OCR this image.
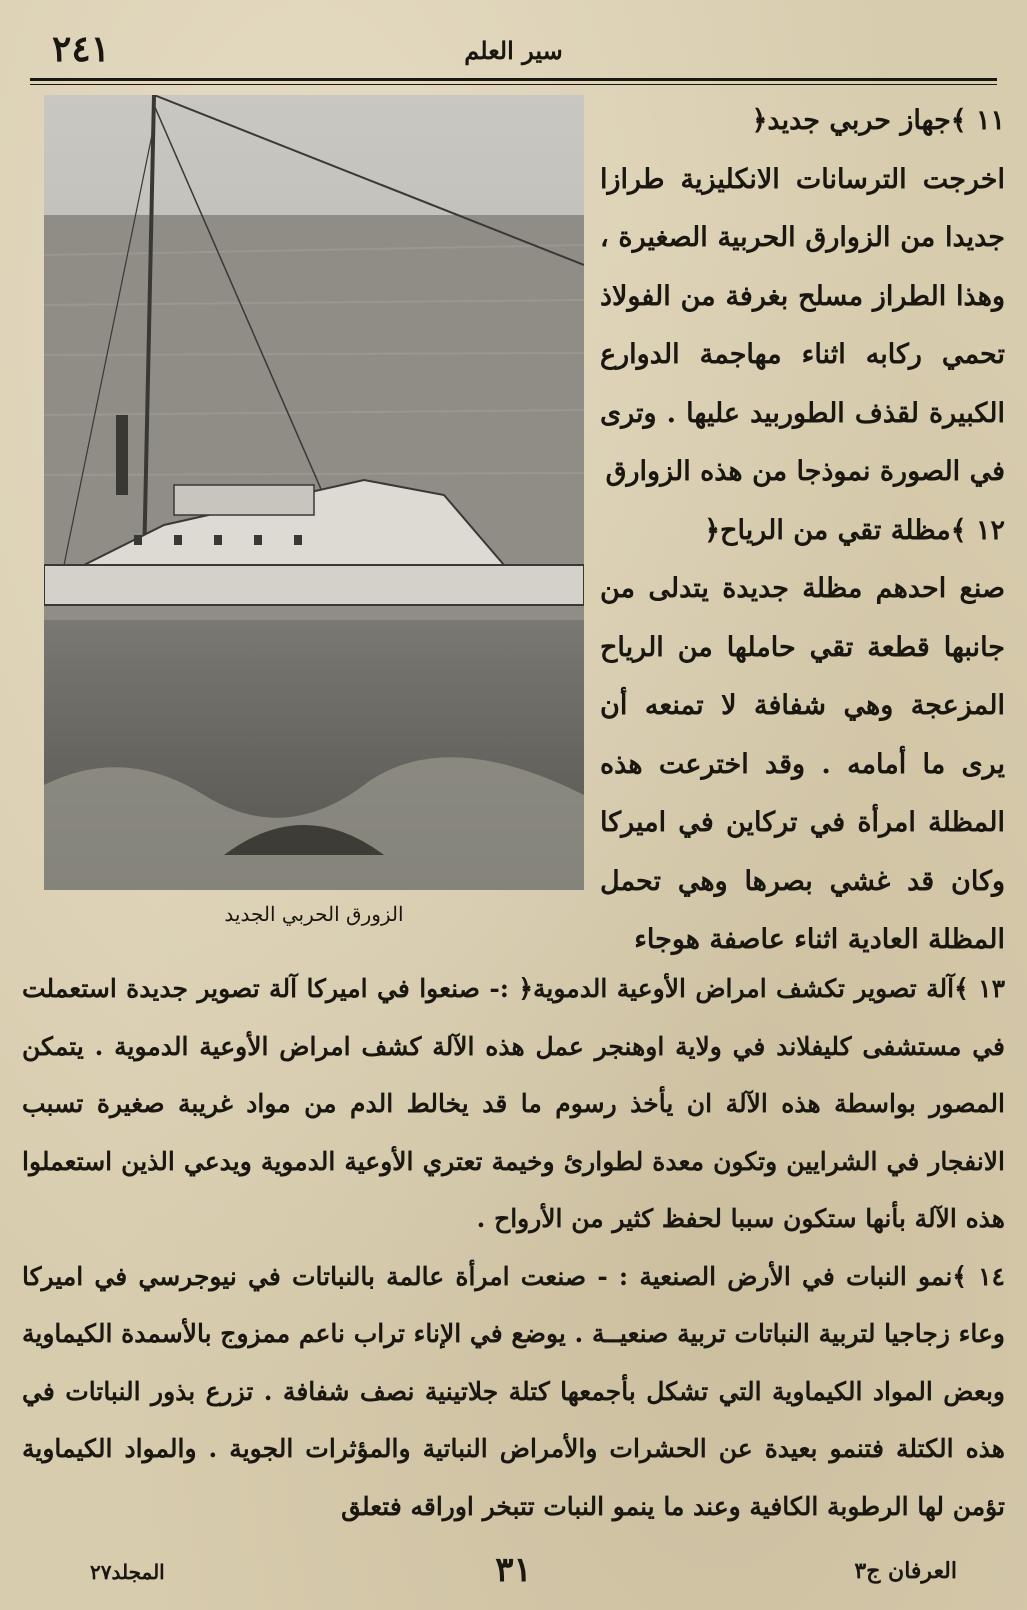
٢٤١	سير العلم
الزورق الحربي الجديد

١١ ﴾جهاز حربي جديد﴿
اخرجت الترسانات الانكليزية طرازا جديدا من الزوارق الحربية الصغيرة ، وهذا الطراز مسلح بغرفة من الفولاذ تحمي ركابه اثناء مهاجمة الدوارع الكبيرة لقذف الطوربيد عليها . وترى في الصورة نموذجا من هذه الزوارق

١٢ ﴾مظلة تقي من الرياح﴿
صنع احدهم مظلة جديدة يتدلى من جانبها قطعة تقي حاملها من الرياح المزعجة وهي شفافة لا تمنعه أن يرى ما أمامه . وقد اخترعت هذه المظلة امرأة في تركاين في اميركا وكان قد غشي بصرها وهي تحمل المظلة العادية اثناء عاصفة هوجاء

١٣ ﴾آلة تصوير تكشف امراض الأوعية الدموية﴿ :- صنعوا في اميركا آلة تصوير جديدة استعملت في مستشفى كليفلاند في ولاية اوهنجر عمل هذه الآلة كشف امراض الأوعية الدموية . يتمكن المصور بواسطة هذه الآلة ان يأخذ رسوم ما قد يخالط الدم من مواد غريبة صغيرة تسبب الانفجار في الشرايين وتكون معدة لطوارئ وخيمة تعتري الأوعية الدموية ويدعي الذين استعملوا هذه الآلة بأنها ستكون سببا لحفظ كثير من الأرواح .

١٤ ﴾نمو النبات في الأرض الصنعية : - صنعت امرأة عالمة بالنباتات في نيوجرسي في اميركا وعاء زجاجيا لتربية النباتات تربية صنعيــة . يوضع في الإناء تراب ناعم ممزوج بالأسمدة الكيماوية وبعض المواد الكيماوية التي تشكل بأجمعها كتلة جلاتينية نصف شفافة . تزرع بذور النباتات في هذه الكتلة فتنمو بعيدة عن الحشرات والأمراض النباتية والمؤثرات الجوية . والمواد الكيماوية تؤمن لها الرطوبة الكافية وعند ما ينمو النبات تتبخر اوراقه فتعلق

المجلد٢٧	٣١	العرفان ج٣
